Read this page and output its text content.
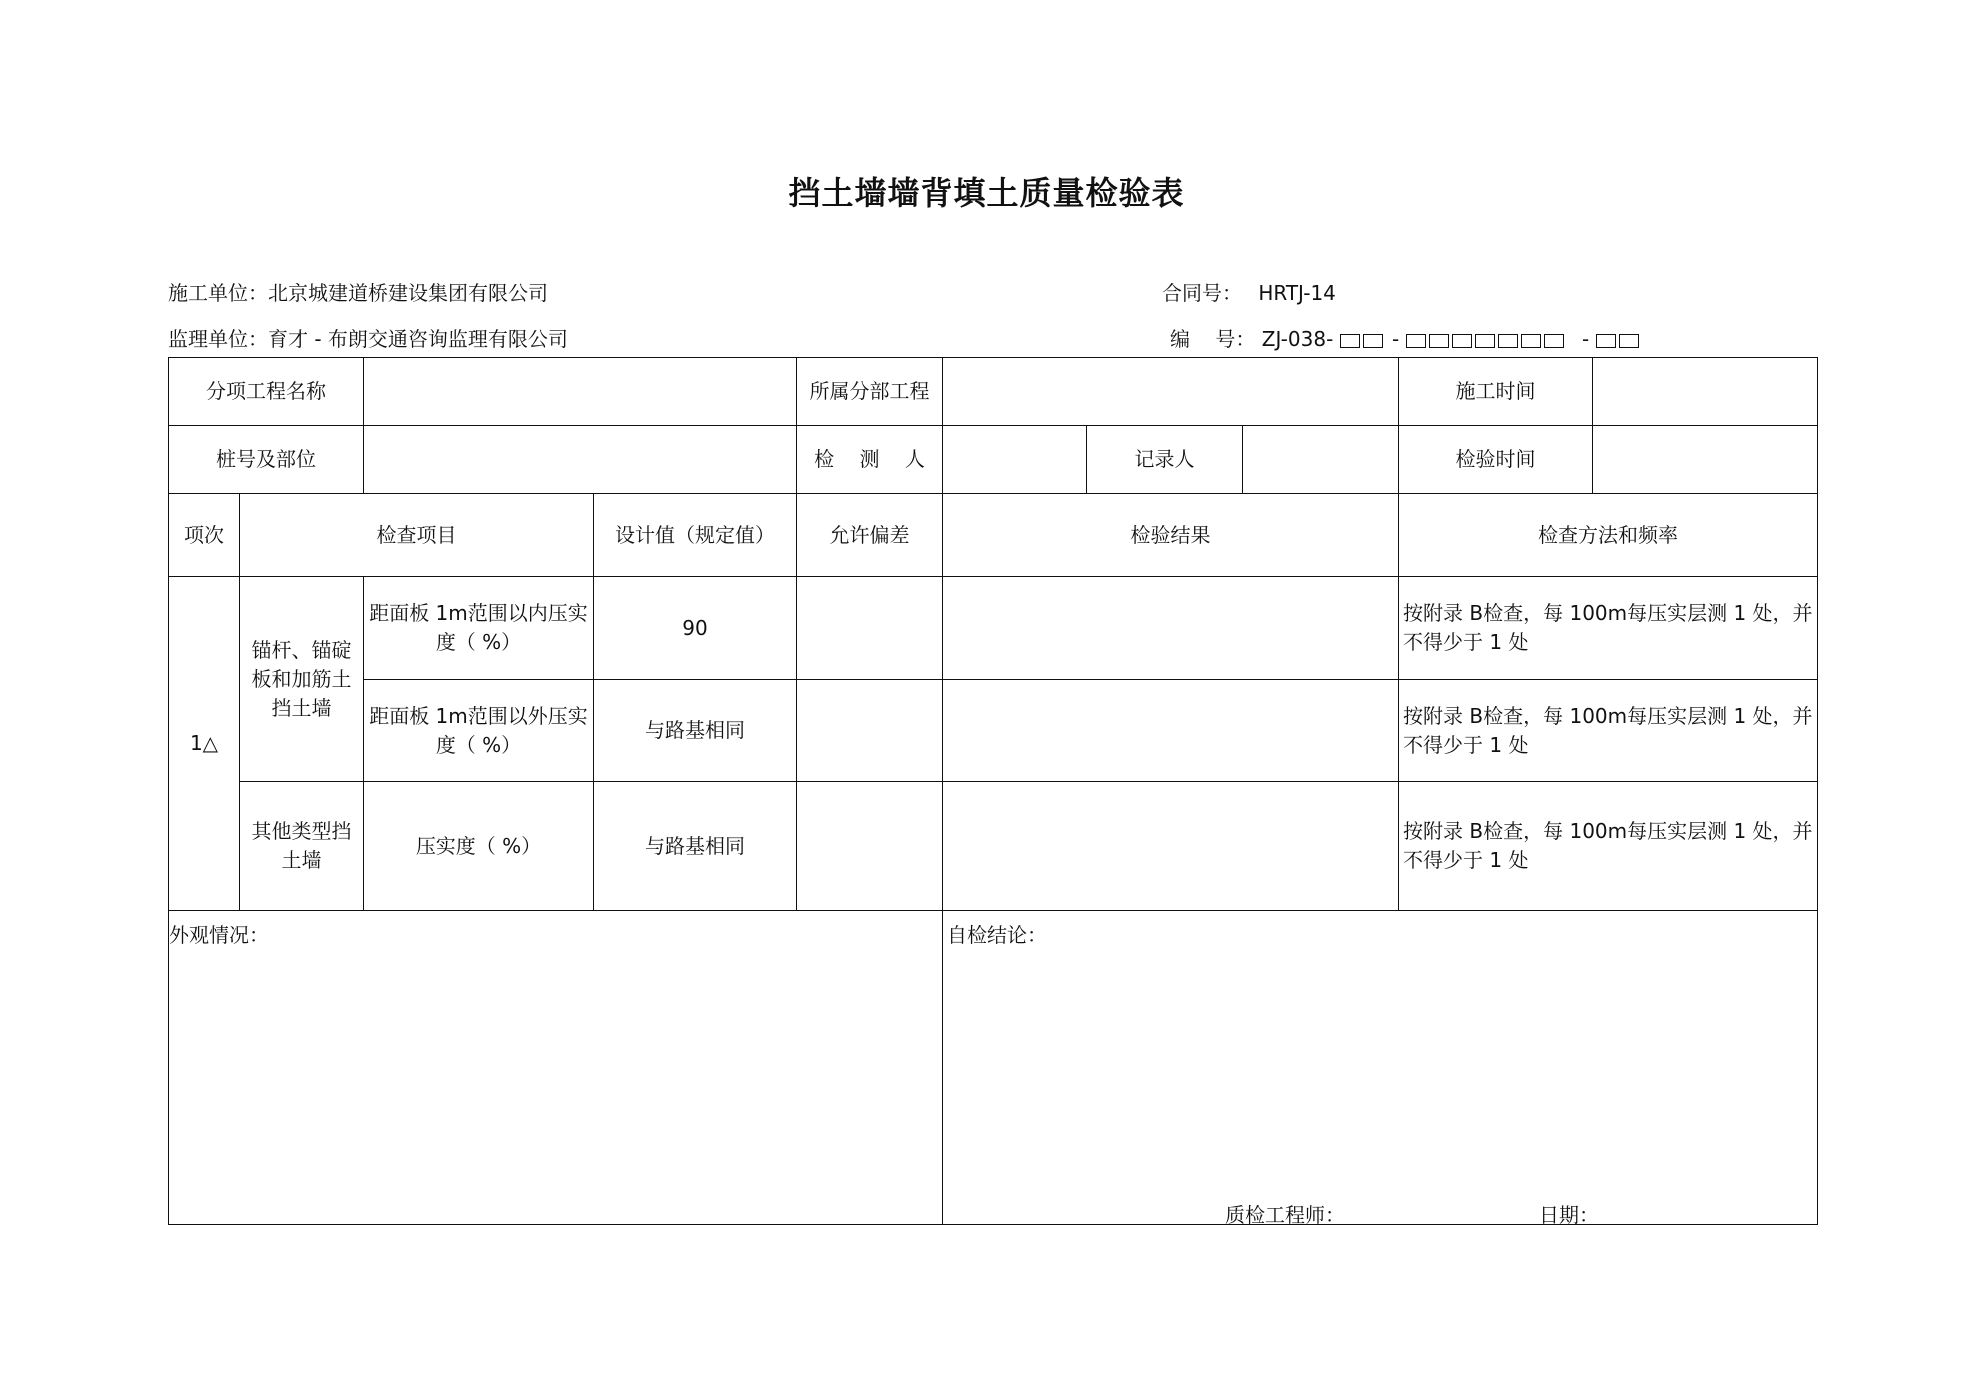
挡土墙墙背填土质量检验表
施工单位：北京城建道桥建设集团有限公司	合同号： HRTJ-14
监理单位：育才 - 布朗交通咨询监理有限公司	编    号： ZJ-038-	-	-
分项工程名称				所属分部工程				施工时间	
桩号及部位				检    测    人		记录人		检验时间	
项次	检查项目		设计值（规定值）	允许偏差	检验结果			检查方法和频率	
1△	锚杆、锚碇板和加筋土挡土墙	距面板 1m范围以内压实度（ %）	90					按附录 B检查，每 100m每压实层测 1 处，并不得少于 1 处	
		距面板 1m范围以外压实度（ %）	与路基相同					按附录 B检查，每 100m每压实层测 1 处，并不得少于 1 处	
	其他类型挡土墙	压实度（ %）	与路基相同					按附录 B检查，每 100m每压实层测 1 处，并不得少于 1 处	
外观情况：					自检结论：				
质检工程师：	日期：
